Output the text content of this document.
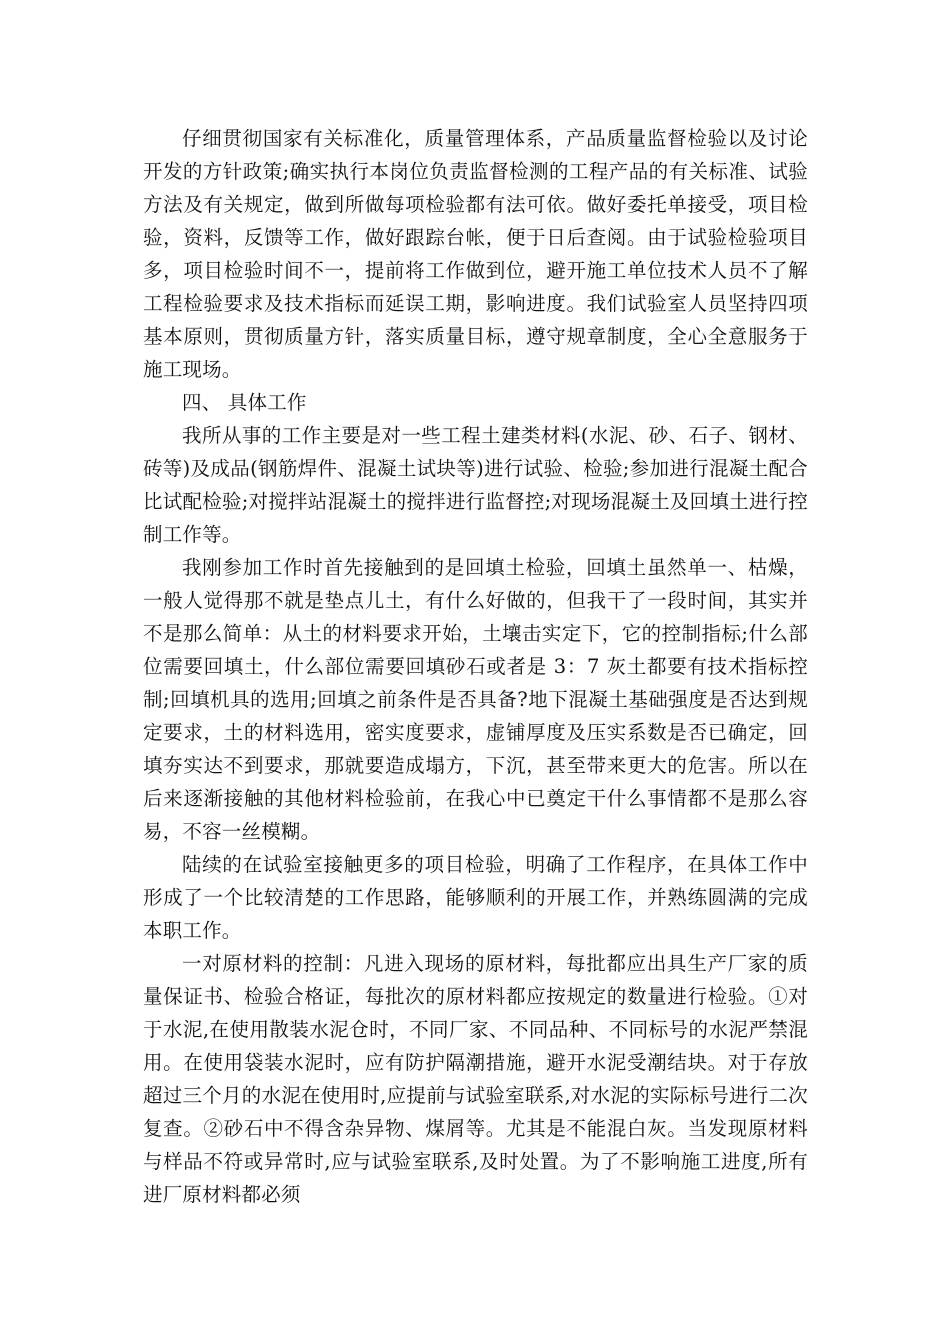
仔细贯彻国家有关标准化，质量管理体系，产品质量监督检验以及讨论开发的方针政策;确实执行本岗位负责监督检测的工程产品的有关标准、试验方法及有关规定，做到所做每项检验都有法可依。做好委托单接受，项目检验，资料，反馈等工作，做好跟踪台帐，便于日后查阅。由于试验检验项目多，项目检验时间不一，提前将工作做到位，避开施工单位技术人员不了解工程检验要求及技术指标而延误工期，影响进度。我们试验室人员坚持四项基本原则，贯彻质量方针，落实质量目标，遵守规章制度，全心全意服务于施工现场。

四、 具体工作

我所从事的工作主要是对一些工程土建类材料(水泥、砂、石子、钢材、砖等)及成品(钢筋焊件、混凝土试块等)进行试验、检验;参加进行混凝土配合比试配检验;对搅拌站混凝土的搅拌进行监督控;对现场混凝土及回填土进行控制工作等。

我刚参加工作时首先接触到的是回填土检验，回填土虽然单一、枯燥，一般人觉得那不就是垫点儿土，有什么好做的，但我干了一段时间，其实并不是那么简单：从土的材料要求开始，土壤击实定下，它的控制指标;什么部位需要回填土，什么部位需要回填砂石或者是 3：7 灰土都要有技术指标控制;回填机具的选用;回填之前条件是否具备?地下混凝土基础强度是否达到规定要求，土的材料选用，密实度要求，虚铺厚度及压实系数是否已确定，回填夯实达不到要求，那就要造成塌方，下沉，甚至带来更大的危害。所以在后来逐渐接触的其他材料检验前，在我心中已奠定干什么事情都不是那么容易，不容一丝模糊。

陆续的在试验室接触更多的项目检验，明确了工作程序，在具体工作中形成了一个比较清楚的工作思路，能够顺利的开展工作，并熟练圆满的完成本职工作。

一对原材料的控制：凡进入现场的原材料，每批都应出具生产厂家的质量保证书、检验合格证，每批次的原材料都应按规定的数量进行检验。①对于水泥,在使用散装水泥仓时，不同厂家、不同品种、不同标号的水泥严禁混用。在使用袋装水泥时，应有防护隔潮措施，避开水泥受潮结块。对于存放超过三个月的水泥在使用时,应提前与试验室联系,对水泥的实际标号进行二次复查。②砂石中不得含杂异物、煤屑等。尤其是不能混白灰。当发现原材料与样品不符或异常时,应与试验室联系,及时处置。为了不影响施工进度,所有进厂原材料都必须
